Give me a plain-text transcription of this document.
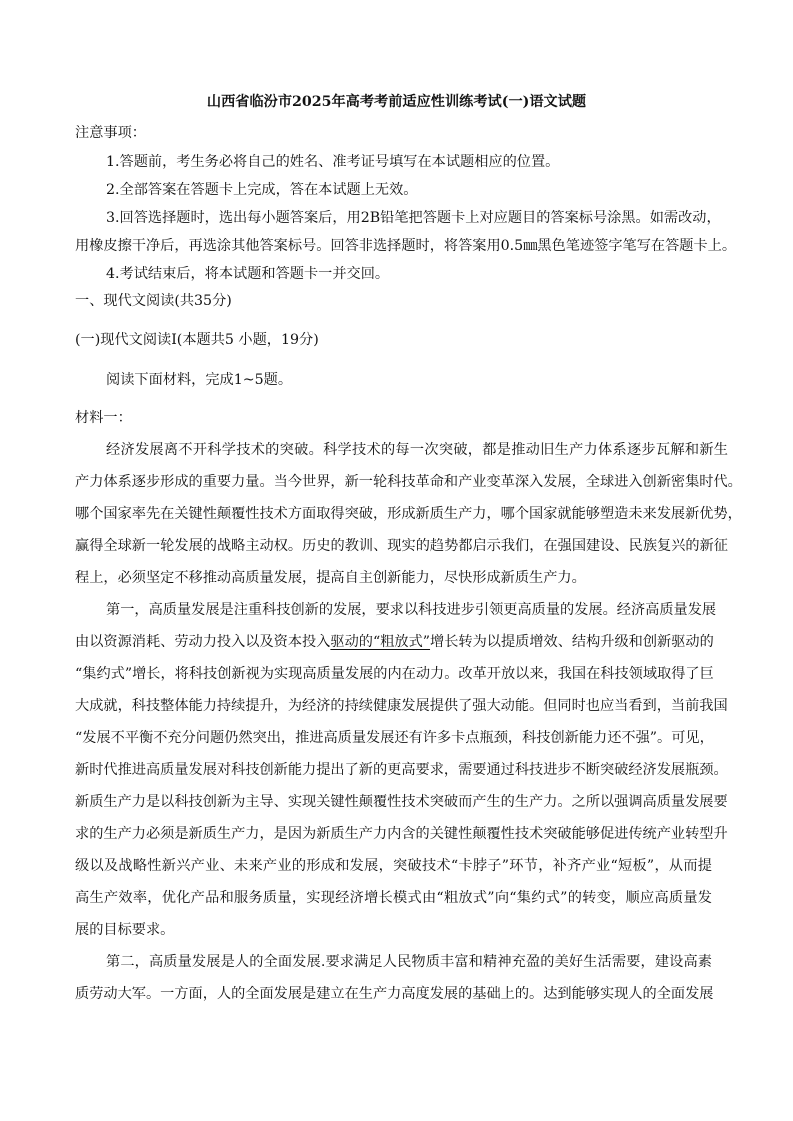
山西省临汾市2025年高考考前适应性训练考试(一)语文试题
注意事项：
1.答题前，考生务必将自己的姓名、准考证号填写在本试题相应的位置。
2.全部答案在答题卡上完成，答在本试题上无效。
3.回答选择题时，选出每小题答案后，用2B铅笔把答题卡上对应题目的答案标号涂黑。如需改动，
用橡皮擦干净后，再选涂其他答案标号。回答非选择题时，将答案用0.5㎜黑色笔迹签字笔写在答题卡上。
4.考试结束后，将本试题和答题卡一并交回。
一、现代文阅读(共35分)
(一)现代文阅读Ⅰ(本题共5 小题，19分)
阅读下面材料，完成1~5题。
材料一：
经济发展离不开科学技术的突破。科学技术的每一次突破，都是推动旧生产力体系逐步瓦解和新生
产力体系逐步形成的重要力量。当今世界，新一轮科技革命和产业变革深入发展，全球进入创新密集时代。
哪个国家率先在关键性颠覆性技术方面取得突破，形成新质生产力，哪个国家就能够塑造未来发展新优势，
赢得全球新一轮发展的战略主动权。历史的教训、现实的趋势都启示我们，在强国建设、民族复兴的新征
程上，必须坚定不移推动高质量发展，提高自主创新能力，尽快形成新质生产力。
第一，高质量发展是注重科技创新的发展，要求以科技进步引领更高质量的发展。经济高质量发展
由以资源消耗、劳动力投入以及资本投入驱动的“粗放式”增长转为以提质增效、结构升级和创新驱动的
“集约式”增长，将科技创新视为实现高质量发展的内在动力。改革开放以来，我国在科技领域取得了巨
大成就，科技整体能力持续提升，为经济的持续健康发展提供了强大动能。但同时也应当看到，当前我国
“发展不平衡不充分问题仍然突出，推进高质量发展还有许多卡点瓶颈，科技创新能力还不强”。可见，
新时代推进高质量发展对科技创新能力提出了新的更高要求，需要通过科技进步不断突破经济发展瓶颈。
新质生产力是以科技创新为主导、实现关键性颠覆性技术突破而产生的生产力。之所以强调高质量发展要
求的生产力必须是新质生产力，是因为新质生产力内含的关键性颠覆性技术突破能够促进传统产业转型升
级以及战略性新兴产业、未来产业的形成和发展，突破技术“卡脖子”环节，补齐产业“短板”，从而提
高生产效率，优化产品和服务质量，实现经济增长模式由“粗放式”向“集约式”的转变，顺应高质量发
展的目标要求。
第二，高质量发展是人的全面发展.要求满足人民物质丰富和精神充盈的美好生活需要，建设高素
质劳动大军。一方面，人的全面发展是建立在生产力高度发展的基础上的。达到能够实现人的全面发展
